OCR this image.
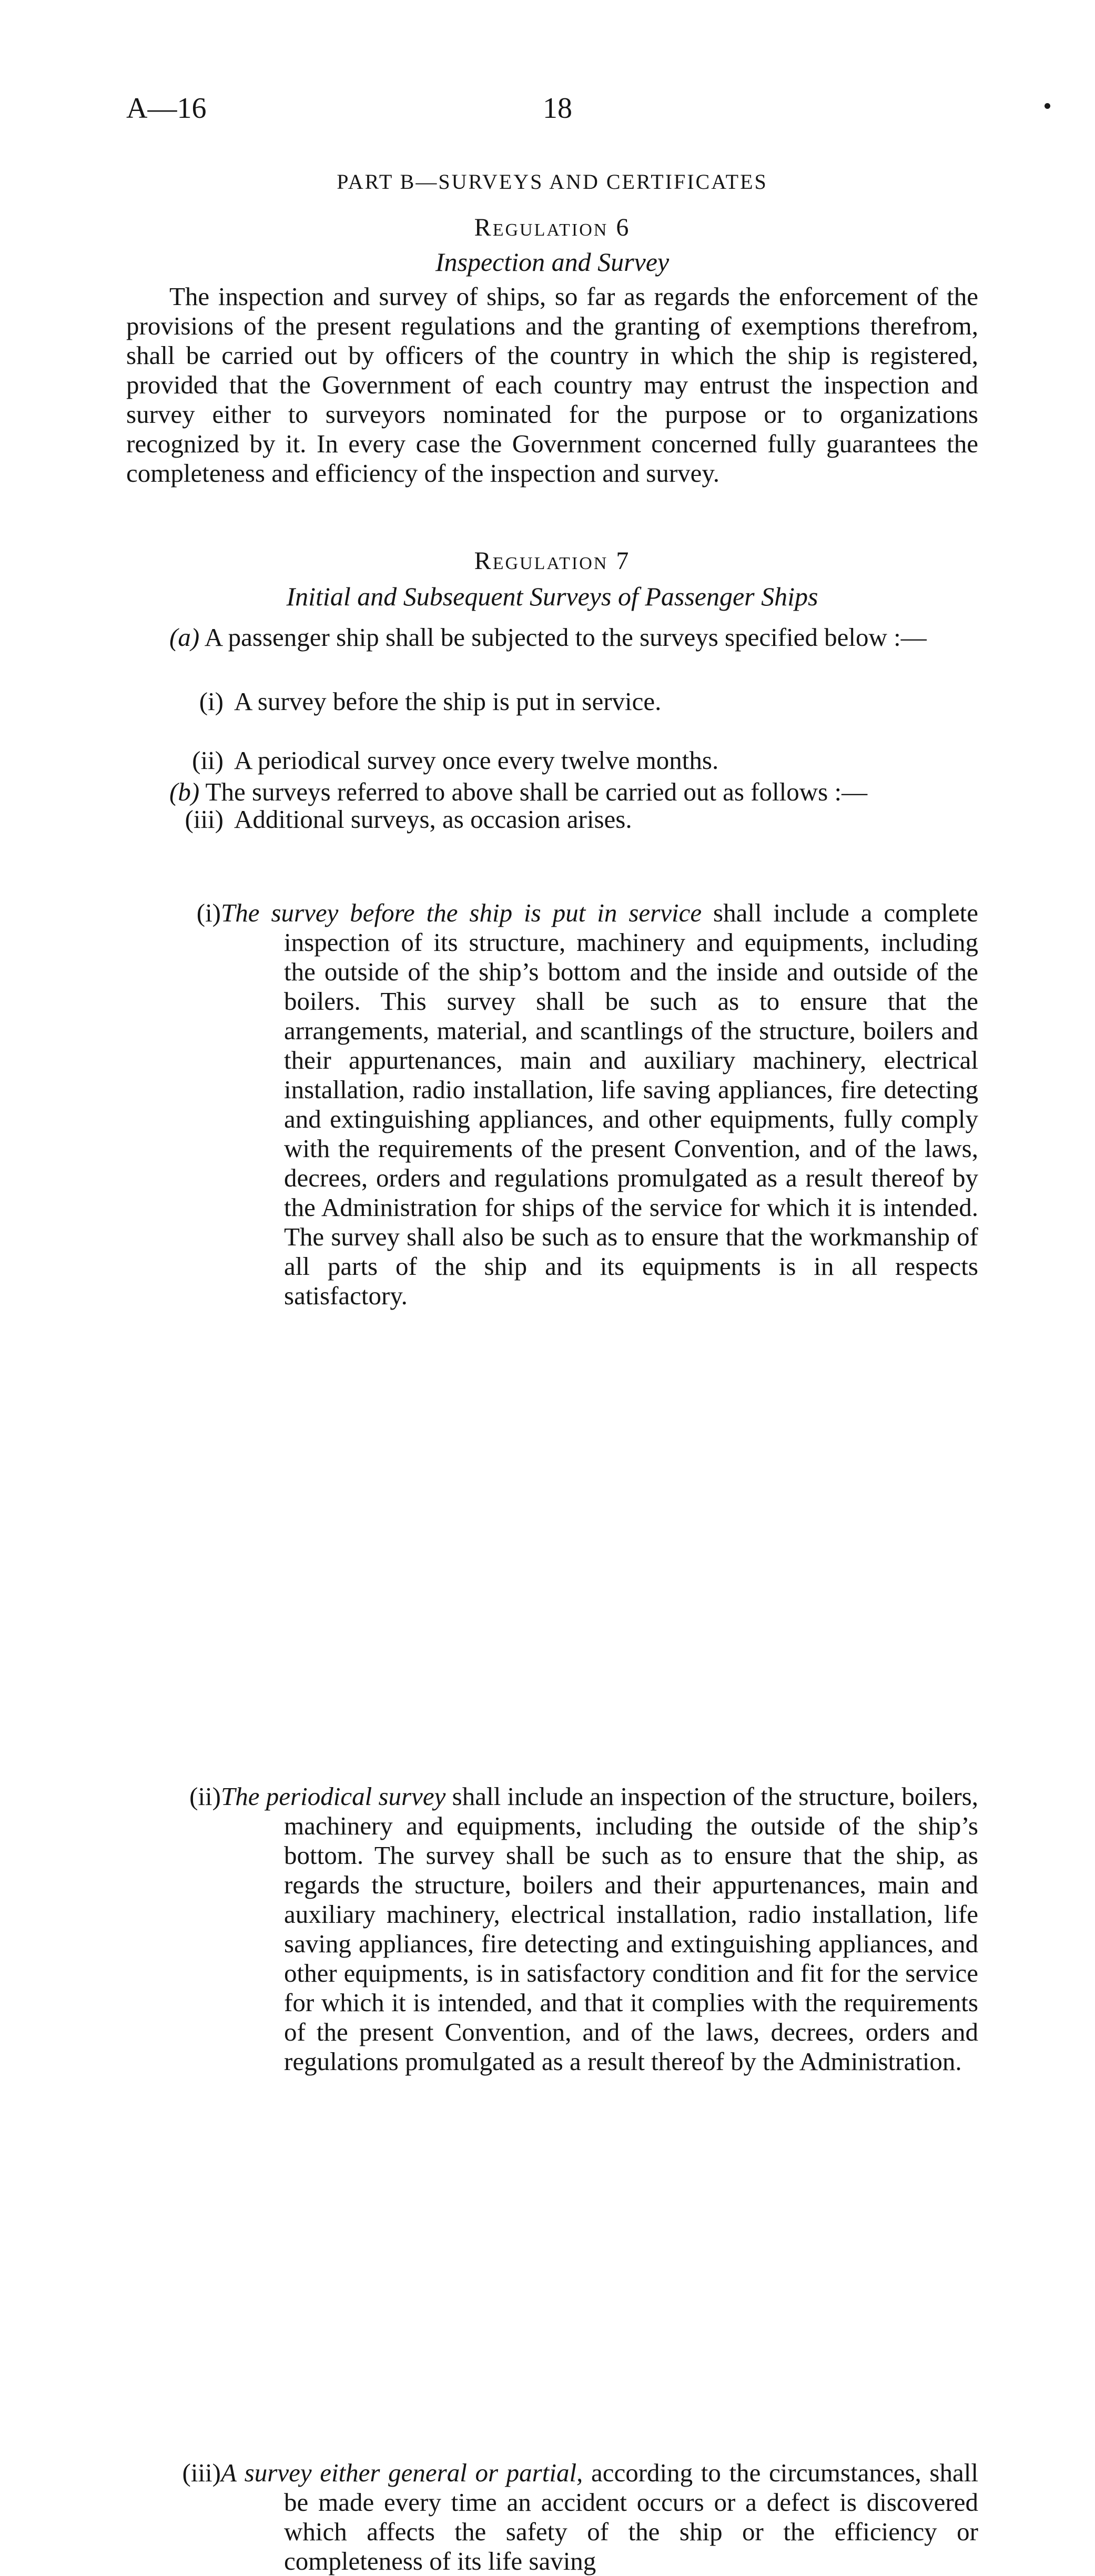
A—16	18
PART B—SURVEYS AND CERTIFICATES
Regulation 6
Inspection and Survey

The inspection and survey of ships, so far as regards the enforcement of the provisions of the present regulations and the granting of exemptions therefrom, shall be carried out by officers of the country in which the ship is registered, provided that the Government of each country may entrust the inspection and survey either to surveyors nominated for the purpose or to organizations recognized by it. In every case the Government concerned fully guarantees the completeness and efficiency of the inspection and survey.

Regulation 7
Initial and Subsequent Surveys of Passenger Ships

(a) A passenger ship shall be subjected to the surveys specified below :—

(i) A survey before the ship is put in service.
(ii) A periodical survey once every twelve months.
(iii) Additional surveys, as occasion arises.

(b) The surveys referred to above shall be carried out as follows :—

(i) The survey before the ship is put in service shall include a complete inspection of its structure, machinery and equipments, including the outside of the ship’s bottom and the inside and outside of the boilers. This survey shall be such as to ensure that the arrangements, material, and scantlings of the structure, boilers and their appurtenances, main and auxiliary machinery, electrical installation, radio installation, life saving appliances, fire detecting and extinguishing appliances, and other equipments, fully comply with the requirements of the present Convention, and of the laws, decrees, orders and regulations promulgated as a result thereof by the Administration for ships of the service for which it is intended. The survey shall also be such as to ensure that the workmanship of all parts of the ship and its equipments is in all respects satisfactory.
(ii) The periodical survey shall include an inspection of the structure, boilers, machinery and equipments, including the outside of the ship’s bottom. The survey shall be such as to ensure that the ship, as regards the structure, boilers and their appurtenances, main and auxiliary machinery, electrical installation, radio installation, life saving appliances, fire detecting and extinguishing appliances, and other equipments, is in satisfactory condition and fit for the service for which it is intended, and that it complies with the requirements of the present Convention, and of the laws, decrees, orders and regulations promulgated as a result thereof by the Administration.
(iii) A survey either general or partial, according to the circumstances, shall be made every time an accident occurs or a defect is discovered which affects the safety of the ship or the efficiency or completeness of its life saving
